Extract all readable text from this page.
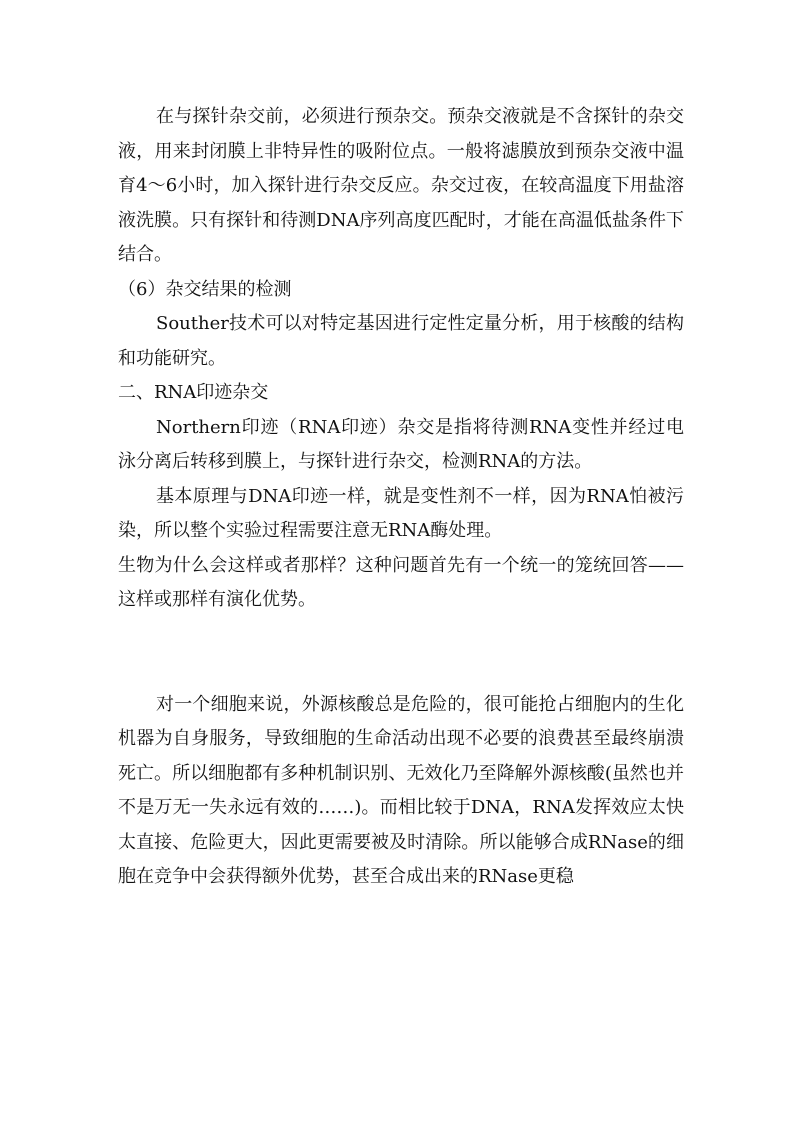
在与探针杂交前，必须进行预杂交。预杂交液就是不含探针的杂交液，用来封闭膜上非特异性的吸附位点。一般将滤膜放到预杂交液中温育4～6小时，加入探针进行杂交反应。杂交过夜，在较高温度下用盐溶液洗膜。只有探针和待测DNA序列高度匹配时，才能在高温低盐条件下结合。

（6）杂交结果的检测

Souther技术可以对特定基因进行定性定量分析，用于核酸的结构和功能研究。

二、RNA印迹杂交

Northern印迹（RNA印迹）杂交是指将待测RNA变性并经过电泳分离后转移到膜上，与探针进行杂交，检测RNA的方法。

基本原理与DNA印迹一样，就是变性剂不一样，因为RNA怕被污染，所以整个实验过程需要注意无RNA酶处理。

生物为什么会这样或者那样？这种问题首先有一个统一的笼统回答——这样或那样有演化优势。

对一个细胞来说，外源核酸总是危险的，很可能抢占细胞内的生化机器为自身服务，导致细胞的生命活动出现不必要的浪费甚至最终崩溃死亡。所以细胞都有多种机制识别、无效化乃至降解外源核酸(虽然也并不是万无一失永远有效的……)。而相比较于DNA，RNA发挥效应太快太直接、危险更大，因此更需要被及时清除。所以能够合成RNase的细胞在竞争中会获得额外优势，甚至合成出来的RNase更稳
